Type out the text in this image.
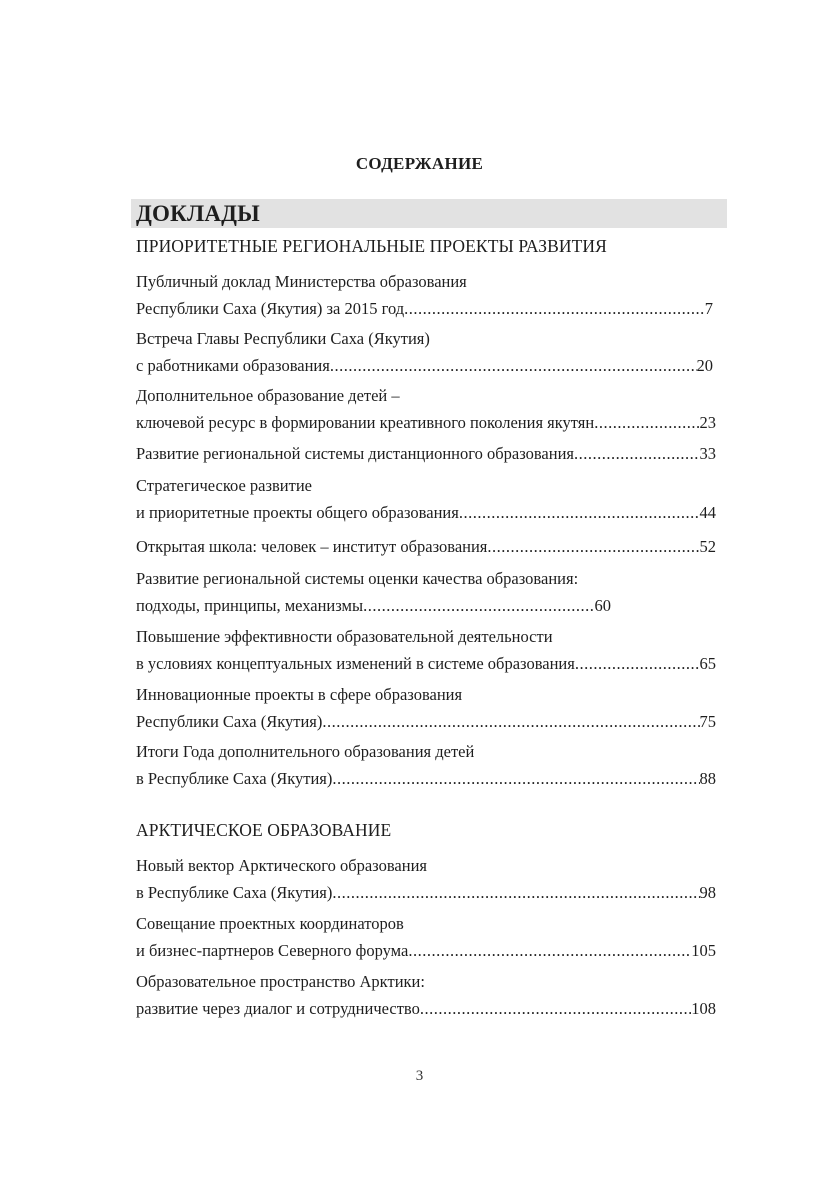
СОДЕРЖАНИЕ
ДОКЛАДЫ
ПРИОРИТЕТНЫЕ РЕГИОНАЛЬНЫЕ ПРОЕКТЫ РАЗВИТИЯ
Публичный доклад Министерства образования
Республики Саха (Якутия) за 2015 год .....	7
Встреча Главы Республики Саха (Якутия)
с работниками образования .....	20
Дополнительное образование детей –
ключевой ресурс в формировании креативного поколения якутян .....	23
Развитие региональной системы дистанционного образования .....	33
Стратегическое развитие
и приоритетные проекты общего образования .....	44
Открытая школа: человек – институт образования .....	52
Развитие региональной системы оценки качества образования:
подходы, принципы, механизмы .....	60
Повышение эффективности образовательной деятельности
в условиях концептуальных изменений в системе образования .....	65
Инновационные проекты в сфере образования
Республики Саха (Якутия) .....	75
Итоги Года дополнительного образования детей
в Республике Саха (Якутия) .....	88
АРКТИЧЕСКОЕ ОБРАЗОВАНИЕ
Новый вектор Арктического образования
в Республике Саха (Якутия) .....	98
Совещание проектных координаторов
и бизнес-партнеров Северного форума .....	105
Образовательное пространство Арктики:
развитие через диалог и сотрудничество .....	108
3
